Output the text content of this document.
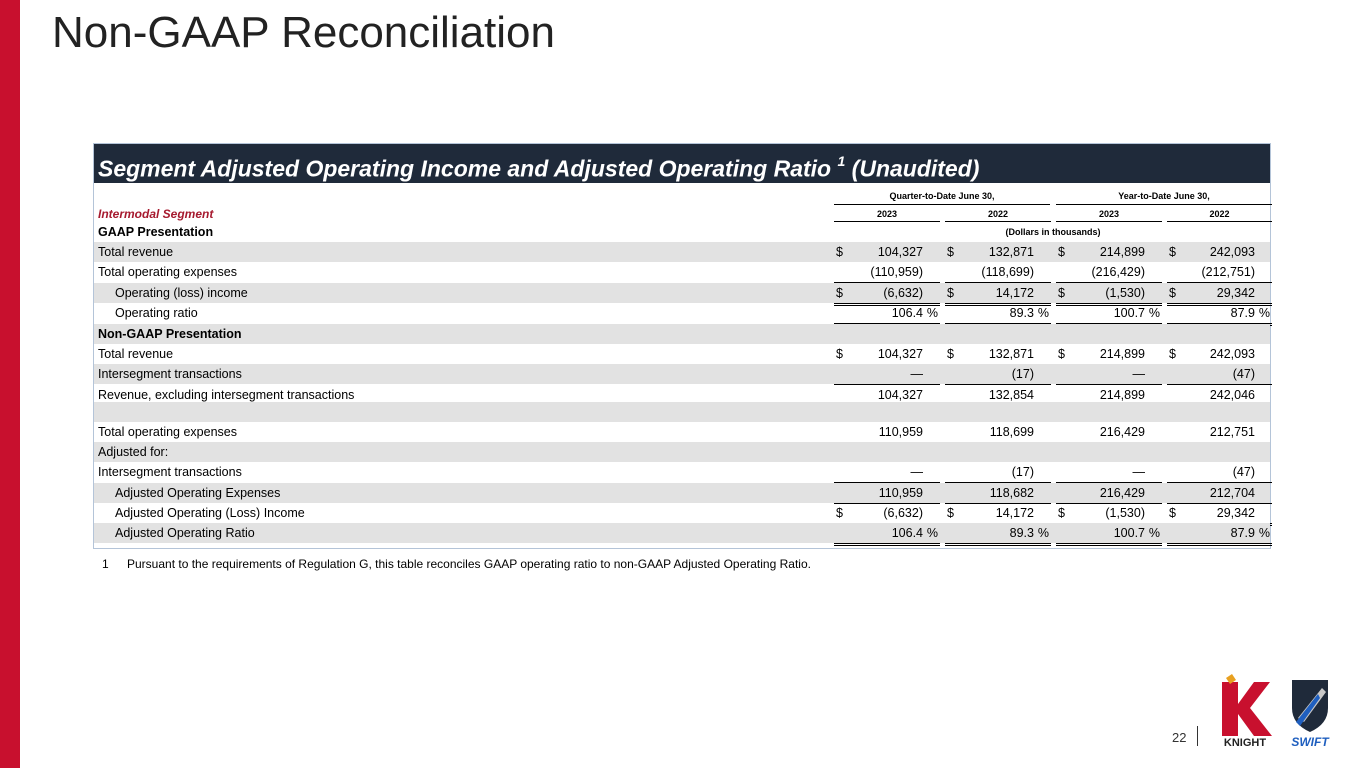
Non-GAAP Reconciliation
Segment Adjusted Operating Income and Adjusted Operating Ratio $^1$ (Unaudited)
Quarter-to-Date June 30,	Year-to-Date June 30,
Intermodal Segment	2023	2022	2023	2022
GAAP Presentation	(Dollars in thousands)
Total revenue	$	104,327 $	132,871 $	214,899 $	242,093
Total operating expenses	(110,959)	(118,699)	(216,429)	(212,751)
Operating (loss) income	$	(6,632) $	14,172 $	(1,530) $	29,342
Operating ratio	106.4 %	89.3 %	100.7 %	87.9 %
Non-GAAP Presentation
Total revenue	$	104,327 $	132,871 $	214,899 $	242,093
Intersegment transactions	—	(17)	—	(47)
Revenue, excluding intersegment transactions	104,327	132,854	214,899	242,046
Total operating expenses	110,959	118,699	216,429	212,751
Adjusted for:
Intersegment transactions	—	(17)	—	(47)
Adjusted Operating Expenses	110,959	118,682	216,429	212,704
Adjusted Operating (Loss) Income	$	(6,632) $	14,172 $	(1,530) $	29,342
Adjusted Operating Ratio	106.4 %	89.3 %	100.7 %	87.9 %
1 Pursuant to the requirements of Regulation G, this table reconciles GAAP operating ratio to non-GAAP Adjusted Operating Ratio.
22	KNIGHT SWIFT
